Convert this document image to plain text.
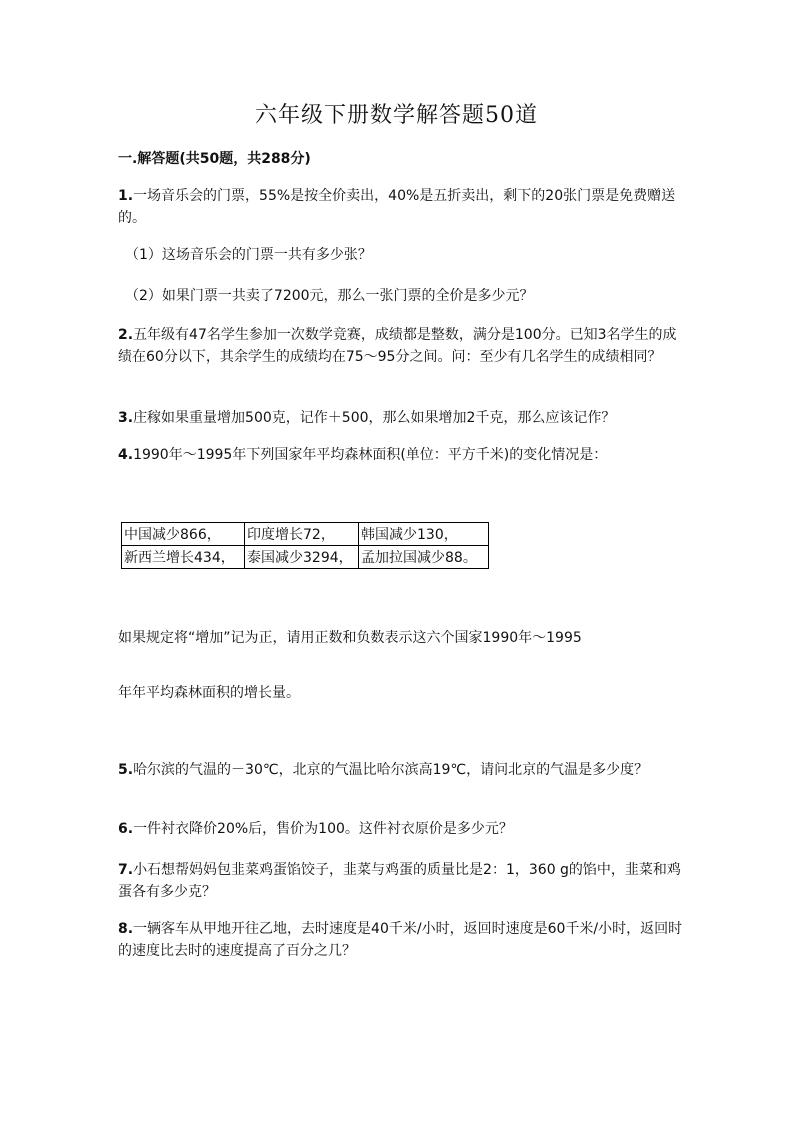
六年级下册数学解答题50道
一.解答题(共50题，共288分)
1.一场音乐会的门票，55%是按全价卖出，40%是五折卖出，剩下的20张门票是免费赠送的。
（1）这场音乐会的门票一共有多少张？
（2）如果门票一共卖了7200元，那么一张门票的全价是多少元？
2.五年级有47名学生参加一次数学竞赛，成绩都是整数，满分是100分。已知3名学生的成绩在60分以下，其余学生的成绩均在75～95分之间。问：至少有几名学生的成绩相同？
3.庄稼如果重量增加500克，记作＋500，那么如果增加2千克，那么应该记作？
4.1990年～1995年下列国家年平均森林面积(单位：平方千米)的变化情况是：
中国减少866，	印度增长72，	韩国减少130，
新西兰增长434，	泰国减少3294，	孟加拉国减少88。
如果规定将“增加”记为正，请用正数和负数表示这六个国家1990年～1995
年年平均森林面积的增长量。
5.哈尔滨的气温的－30℃，北京的气温比哈尔滨高19℃，请问北京的气温是多少度？
6.一件衬衣降价20%后，售价为100。这件衬衣原价是多少元？
7.小石想帮妈妈包韭菜鸡蛋馅饺子，韭菜与鸡蛋的质量比是2：1，360 g的馅中，韭菜和鸡蛋各有多少克？
8.一辆客车从甲地开往乙地，去时速度是40千米/小时，返回时速度是60千米/小时，返回时的速度比去时的速度提高了百分之几？
